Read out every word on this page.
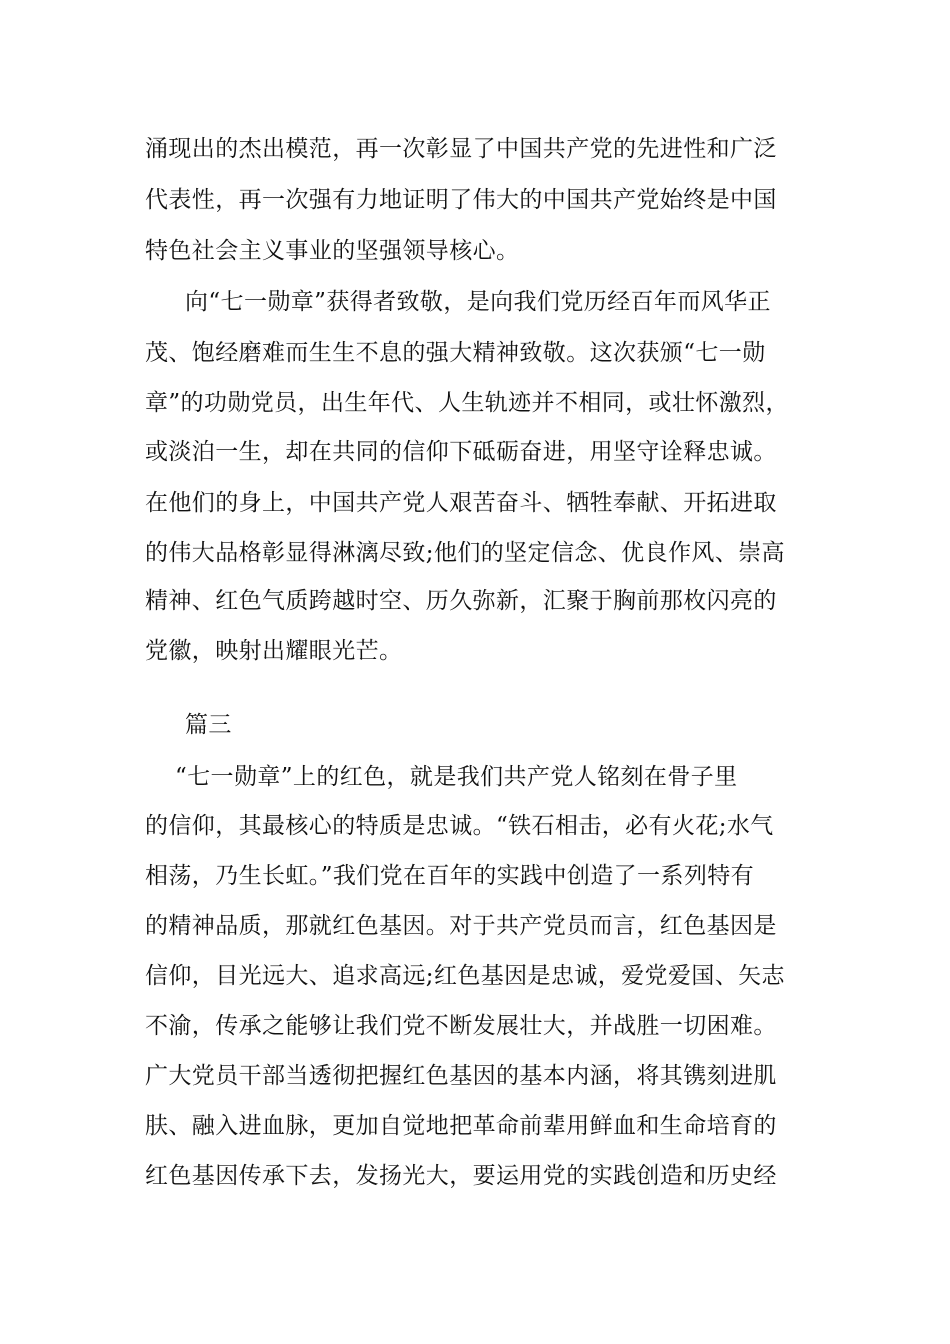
涌现出的杰出模范，再一次彰显了中国共产党的先进性和广泛
代表性，再一次强有力地证明了伟大的中国共产党始终是中国
特色社会主义事业的坚强领导核心。
向“七一勋章”获得者致敬，是向我们党历经百年而风华正
茂、饱经磨难而生生不息的强大精神致敬。这次获颁“七一勋
章”的功勋党员，出生年代、人生轨迹并不相同，或壮怀激烈，
或淡泊一生，却在共同的信仰下砥砺奋进，用坚守诠释忠诚。
在他们的身上，中国共产党人艰苦奋斗、牺牲奉献、开拓进取
的伟大品格彰显得淋漓尽致;他们的坚定信念、优良作风、崇高
精神、红色气质跨越时空、历久弥新，汇聚于胸前那枚闪亮的
党徽，映射出耀眼光芒。
篇三
“七一勋章”上的红色，就是我们共产党人铭刻在骨子里
的信仰，其最核心的特质是忠诚。“铁石相击，必有火花;水气
相荡，乃生长虹。”我们党在百年的实践中创造了一系列特有
的精神品质，那就红色基因。对于共产党员而言，红色基因是
信仰，目光远大、追求高远;红色基因是忠诚，爱党爱国、矢志
不渝，传承之能够让我们党不断发展壮大，并战胜一切困难。
广大党员干部当透彻把握红色基因的基本内涵，将其镌刻进肌
肤、融入进血脉，更加自觉地把革命前辈用鲜血和生命培育的
红色基因传承下去，发扬光大，要运用党的实践创造和历史经
